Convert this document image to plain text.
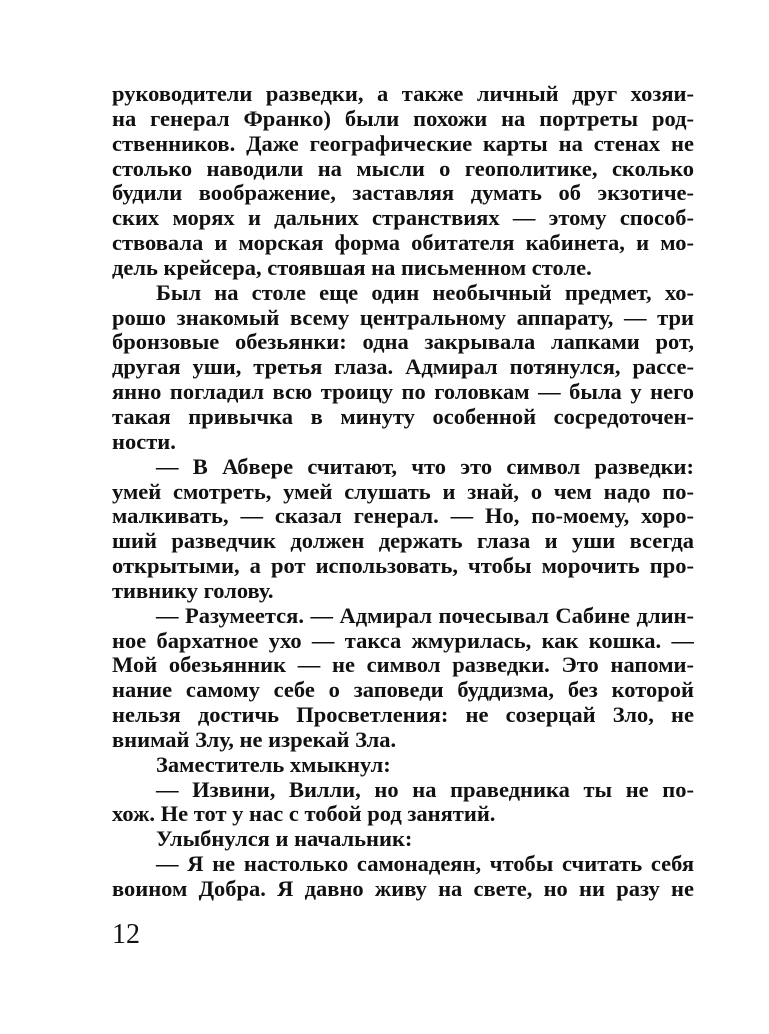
руководители разведки, а также личный друг хозяи-
на генерал Франко) были похожи на портреты род-
ственников. Даже географические карты на стенах не
столько наводили на мысли о геополитике, сколько
будили воображение, заставляя думать об экзотиче-
ских морях и дальних странствиях — этому способ-
ствовала и морская форма обитателя кабинета, и мо-
дель крейсера, стоявшая на письменном столе.
Был на столе еще один необычный предмет, хо-
рошо знакомый всему центральному аппарату, — три
бронзовые обезьянки: одна закрывала лапками рот,
другая уши, третья глаза. Адмирал потянулся, рассе-
янно погладил всю троицу по головкам — была у него
такая привычка в минуту особенной сосредоточен-
ности.
— В Абвере считают, что это символ разведки:
умей смотреть, умей слушать и знай, о чем надо по-
малкивать, — сказал генерал. — Но, по-моему, хоро-
ший разведчик должен держать глаза и уши всегда
открытыми, а рот использовать, чтобы морочить про-
тивнику голову.
— Разумеется. — Адмирал почесывал Сабине длин-
ное бархатное ухо — такса жмурилась, как кошка. —
Мой обезьянник — не символ разведки. Это напоми-
нание самому себе о заповеди буддизма, без которой
нельзя достичь Просветления: не созерцай Зло, не
внимай Злу, не изрекай Зла.
Заместитель хмыкнул:
— Извини, Вилли, но на праведника ты не по-
хож. Не тот у нас с тобой род занятий.
Улыбнулся и начальник:
— Я не настолько самонадеян, чтобы считать себя
воином Добра. Я давно живу на свете, но ни разу не
12
